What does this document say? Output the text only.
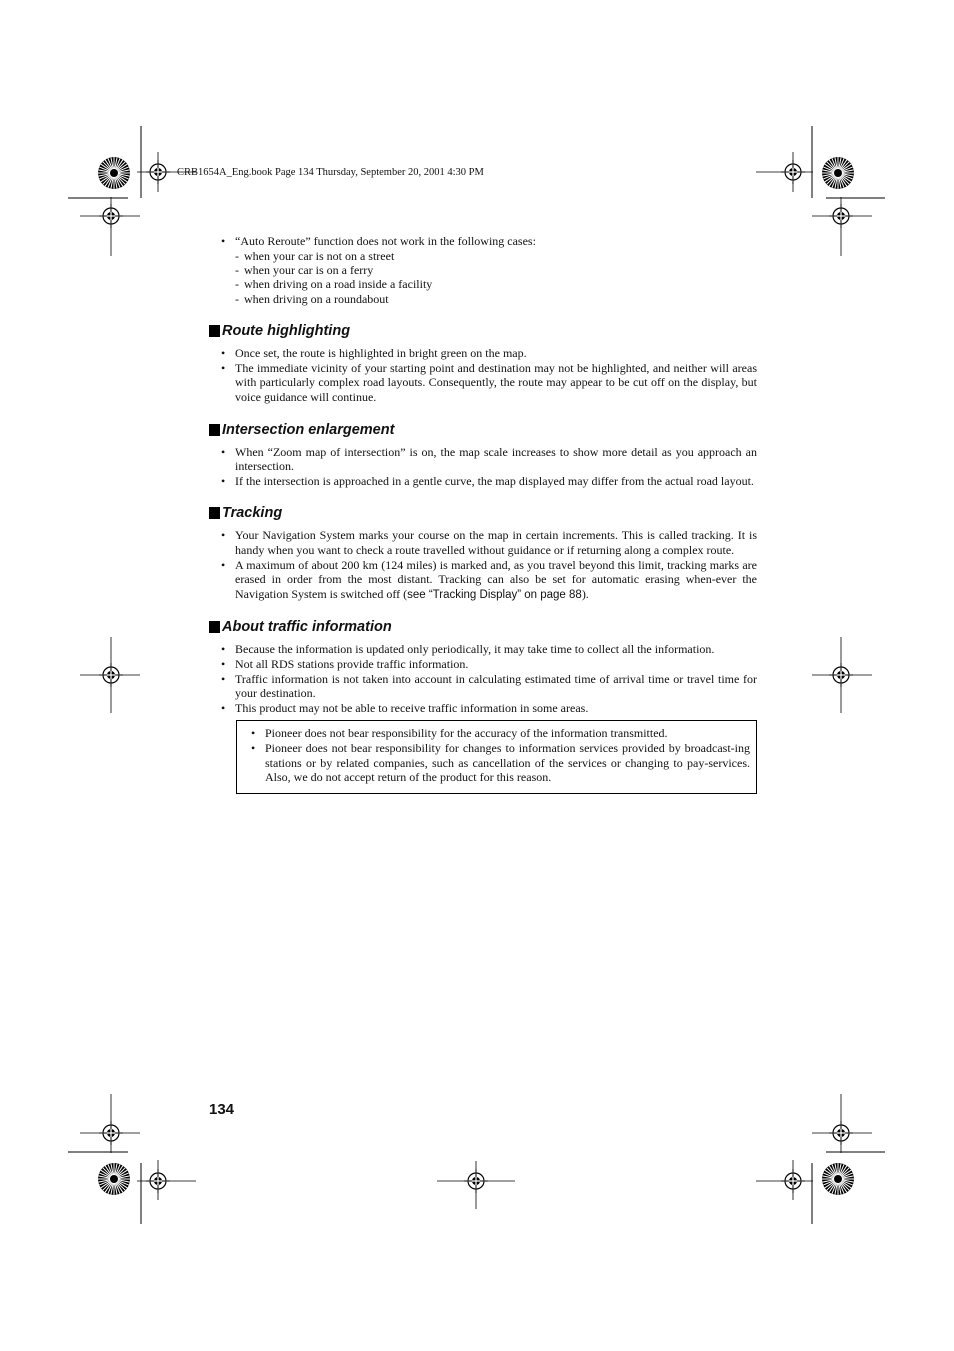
CRB1654A_Eng.book Page 134 Thursday, September 20, 2001 4:30 PM
• “Auto Reroute” function does not work in the following cases:
- when your car is not on a street
- when your car is on a ferry
- when driving on a road inside a facility
- when driving on a roundabout
Route highlighting
• Once set, the route is highlighted in bright green on the map.
• The immediate vicinity of your starting point and destination may not be highlighted, and neither will areas with particularly complex road layouts. Consequently, the route may appear to be cut off on the display, but voice guidance will continue.
Intersection enlargement
• When “Zoom map of intersection” is on, the map scale increases to show more detail as you approach an intersection.
• If the intersection is approached in a gentle curve, the map displayed may differ from the actual road layout.
Tracking
• Your Navigation System marks your course on the map in certain increments. This is called tracking. It is handy when you want to check a route travelled without guidance or if returning along a complex route.
• A maximum of about 200 km (124 miles) is marked and, as you travel beyond this limit, tracking marks are erased in order from the most distant. Tracking can also be set for automatic erasing when-ever the Navigation System is switched off (see “Tracking Display” on page 88).
About traffic information
• Because the information is updated only periodically, it may take time to collect all the information.
• Not all RDS stations provide traffic information.
• Traffic information is not taken into account in calculating estimated time of arrival time or travel time for your destination.
• This product may not be able to receive traffic information in some areas.
• Pioneer does not bear responsibility for the accuracy of the information transmitted.
• Pioneer does not bear responsibility for changes to information services provided by broadcast-ing stations or by related companies, such as cancellation of the services or changing to pay-services. Also, we do not accept return of the product for this reason.
134
